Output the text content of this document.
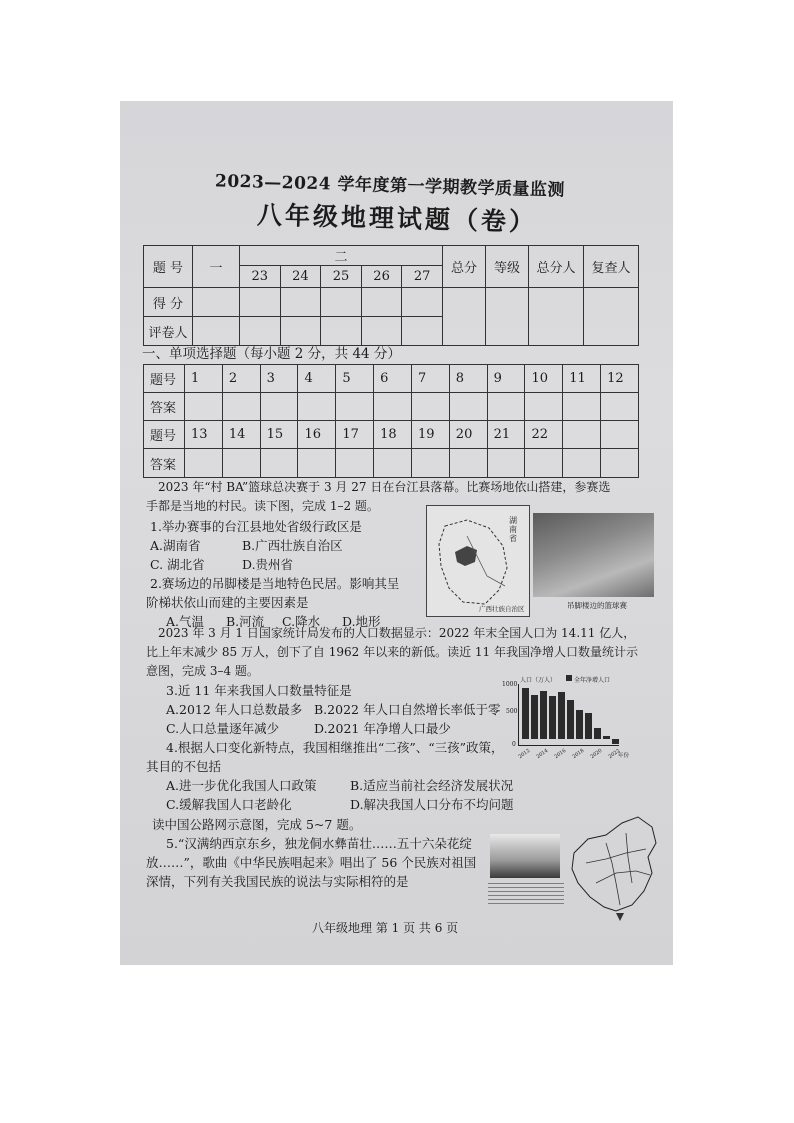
2023—2024 学年度第一学期教学质量监测
八年级地理试题（卷）
题 号	一	二					总分	等级	总分人	复查人
		23	24	25	26	27				
得 分										
评卷人										
一、单项选择题（每小题 2 分，共 44 分）
题号	1	2	3	4	5	6	7	8	9	10	11	12
答案												
题号	13	14	15	16	17	18	19	20	21	22		
答案												
2023 年“村 BA”篮球总决赛于 3 月 27 日在台江县落幕。比赛场地依山搭建，参赛选
手都是当地的村民。读下图，完成 1–2 题。
1.举办赛事的台江县地处省级行政区是
A.湖南省	B.广西壮族自治区
C. 湖北省	D.贵州省
2.赛场边的吊脚楼是当地特色民居。影响其呈
阶梯状依山而建的主要因素是
A.气温 B.河流 C.降水 D.地形
湖南省
广西壮族自治区	吊脚楼边的篮球赛
2023 年 3 月 1 日国家统计局发布的人口数据显示：2022 年末全国人口为 14.11 亿人，
比上年末减少 85 万人，创下了自 1962 年以来的新低。读近 11 年我国净增人口数量统计示
意图，完成 3–4 题。
3.近 11 年来我国人口数量特征是
A.2012 年人口总数最多 B.2022 年人口自然增长率低于零
C.人口总量逐年减少	D.2021 年净增人口最少
人口（万人）	全年净增人口
1000
500
0
2012 2014 2016 2018 2020 2022
年份
4.根据人口变化新特点，我国相继推出“二孩”、“三孩”政策，
其目的不包括
A.进一步优化我国人口政策	B.适应当前社会经济发展状况
C.缓解我国人口老龄化	D.解决我国人口分布不均问题
读中国公路网示意图，完成 5~7 题。
5.“汉满纳西京东乡，独龙侗水彝苗壮……五十六朵花绽
放……”，歌曲《中华民族唱起来》唱出了 56 个民族对祖国
深情，下列有关我国民族的说法与实际相符的是
八年级地理 第 1 页 共 6 页
